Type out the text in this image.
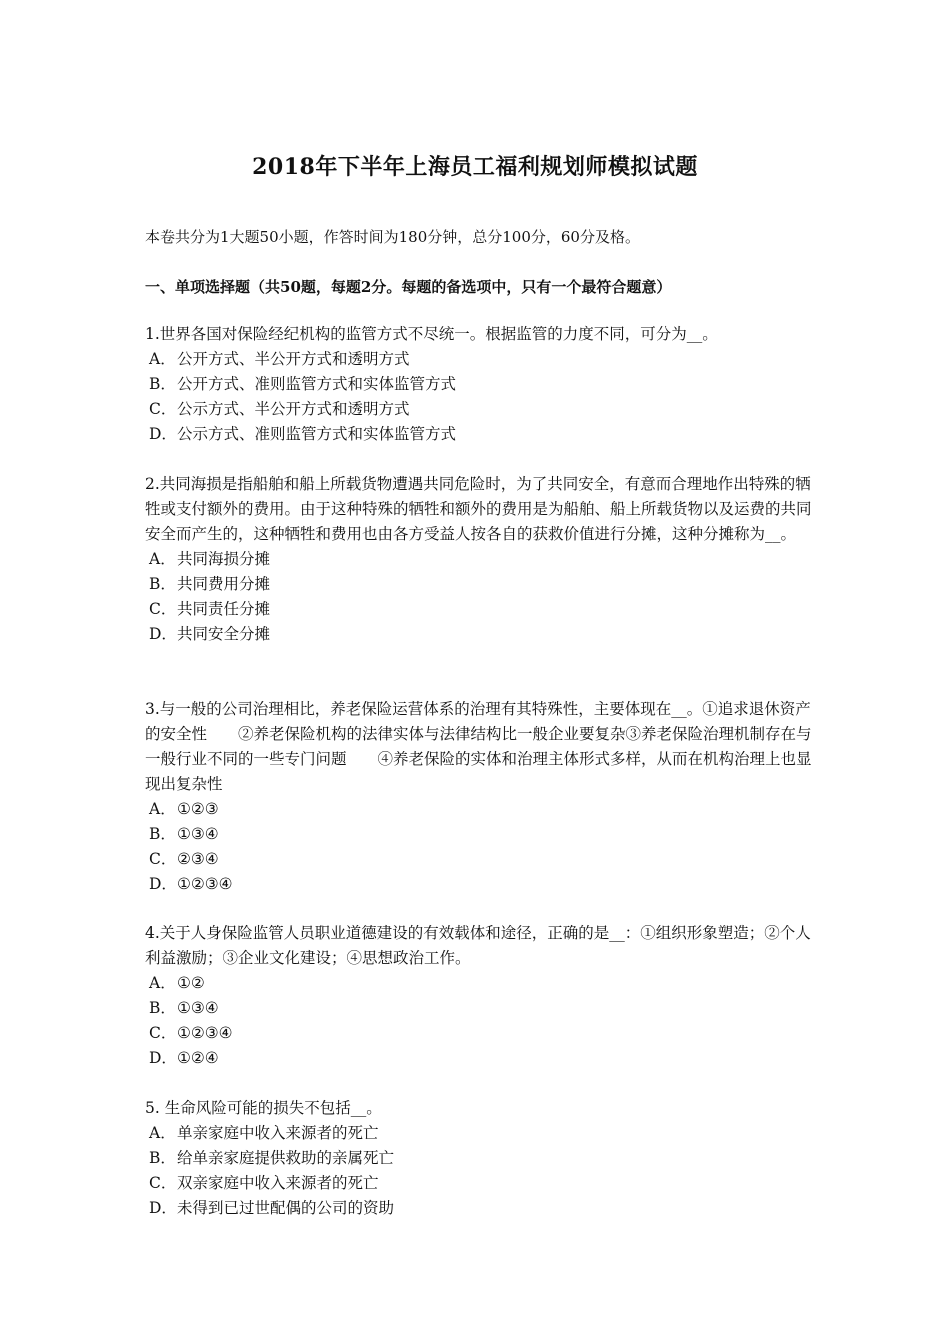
2018年下半年上海员工福利规划师模拟试题
本卷共分为1大题50小题，作答时间为180分钟，总分100分，60分及格。
一、单项选择题（共50题，每题2分。每题的备选项中，只有一个最符合题意）

1.世界各国对保险经纪机构的监管方式不尽统一。根据监管的力度不同，可分为__。

A．公开方式、半公开方式和透明方式

B．公开方式、准则监管方式和实体监管方式

C．公示方式、半公开方式和透明方式

D．公示方式、准则监管方式和实体监管方式

2.共同海损是指船舶和船上所载货物遭遇共同危险时，为了共同安全，有意而合理地作出特殊的牺牲或支付额外的费用。由于这种特殊的牺牲和额外的费用是为船舶、船上所载货物以及运费的共同安全而产生的，这种牺牲和费用也由各方受益人按各自的获救价值进行分摊，这种分摊称为__。

A．共同海损分摊

B．共同费用分摊

C．共同责任分摊

D．共同安全分摊

3.与一般的公司治理相比，养老保险运营体系的治理有其特殊性，主要体现在__。①追求退休资产的安全性　　②养老保险机构的法律实体与法律结构比一般企业要复杂③养老保险治理机制存在与一般行业不同的一些专门问题　　④养老保险的实体和治理主体形式多样，从而在机构治理上也显现出复杂性

A．①②③

B．①③④

C．②③④

D．①②③④

4.关于人身保险监管人员职业道德建设的有效载体和途径，正确的是__：①组织形象塑造；②个人利益激励；③企业文化建设；④思想政治工作。

A．①②

B．①③④

C．①②③④

D．①②④

5. 生命风险可能的损失不包括__。

A．单亲家庭中收入来源者的死亡

B．给单亲家庭提供救助的亲属死亡

C．双亲家庭中收入来源者的死亡

D．未得到已过世配偶的公司的资助
